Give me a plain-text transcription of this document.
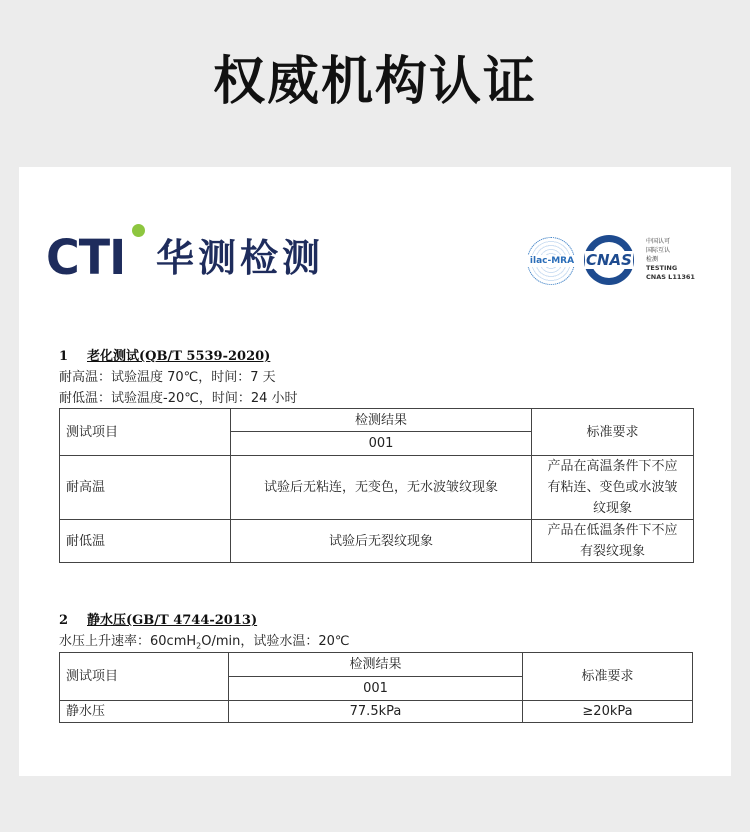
权威机构认证
CTI 华测检测	ilac-MRA CNAS
中国认可
国际互认
检测
TESTING
CNAS L11361
1 老化测试(QB/T 5539-2020)
耐高温：试验温度 70℃，时间：7 天
耐低温：试验温度-20℃，时间：24 小时
测试项目	检测结果	标准要求
	001	
耐高温	试验后无粘连，无变色，无水波皱纹现象	产品在高温条件下不应
有粘连、变色或水波皱
纹现象

耐低温	试验后无裂纹现象	产品在低温条件下不应
有裂纹现象
2 静水压(GB/T 4744-2013)
水压上升速率：60cmH$_2$O/min，试验水温：20℃
测试项目	检测结果	标准要求
	001	
静水压	77.5kPa	≥20kPa
